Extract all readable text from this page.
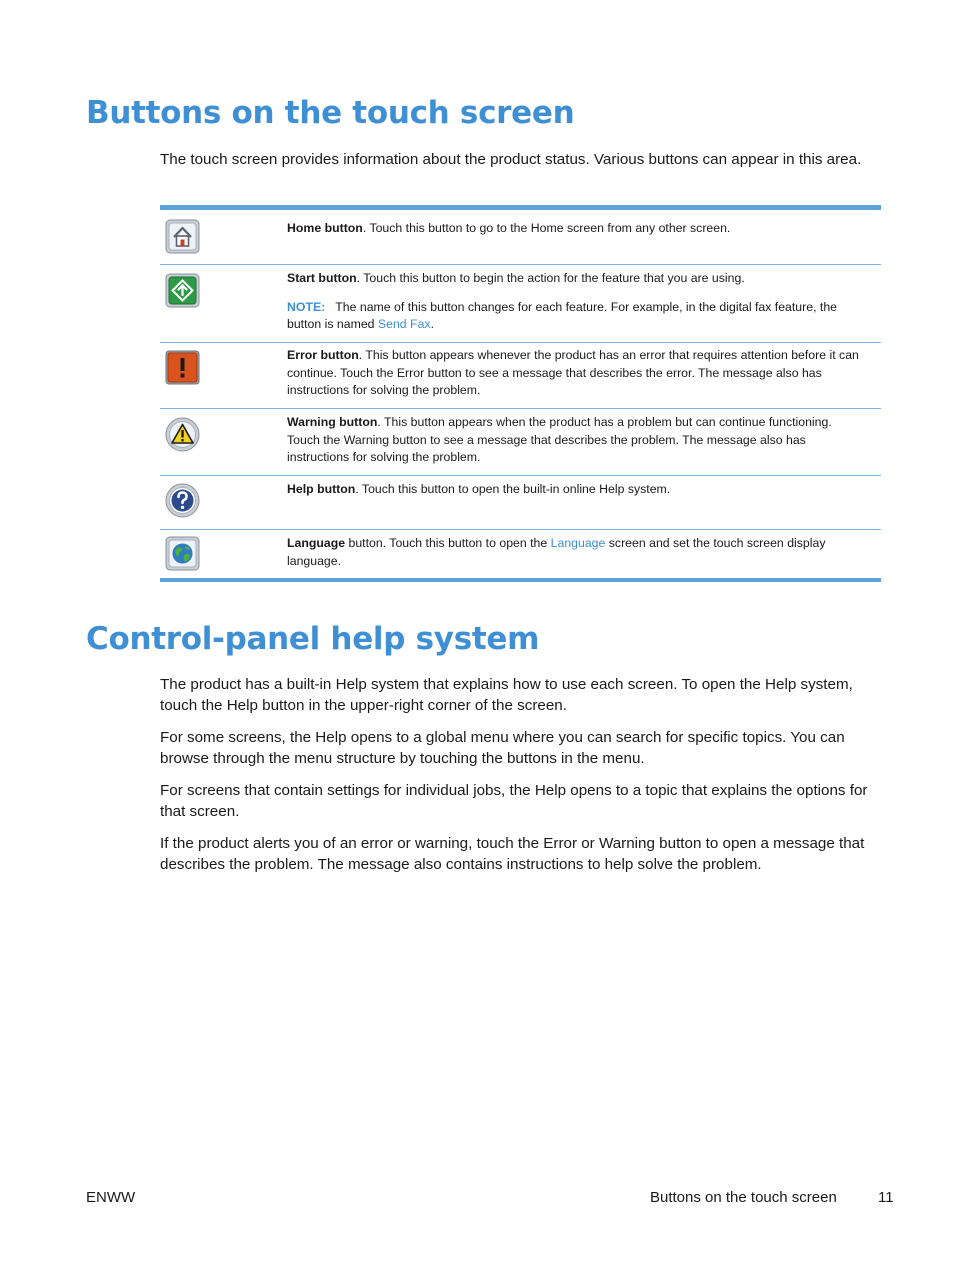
Buttons on the touch screen

The touch screen provides information about the product status. Various buttons can appear in this area.

Home button. Touch this button to go to the Home screen from any other screen.

Start button. Touch this button to begin the action for the feature that you are using.

NOTE: The name of this button changes for each feature. For example, in the digital fax feature, the button is named Send Fax.

Error button. This button appears whenever the product has an error that requires attention before it can continue. Touch the Error button to see a message that describes the error. The message also has instructions for solving the problem.
Warning button. This button appears when the product has a problem but can continue functioning. Touch the Warning button to see a message that describes the problem. The message also has instructions for solving the problem.
Help button. Touch this button to open the built-in online Help system.
Language button. Touch this button to open the Language screen and set the touch screen display language.
Control-panel help system

The product has a built-in Help system that explains how to use each screen. To open the Help system, touch the Help button in the upper-right corner of the screen.

For some screens, the Help opens to a global menu where you can search for specific topics. You can browse through the menu structure by touching the buttons in the menu.

For screens that contain settings for individual jobs, the Help opens to a topic that explains the options for that screen.

If the product alerts you of an error or warning, touch the Error or Warning button to open a message that describes the problem. The message also contains instructions to help solve the problem.

ENWW	Buttons on the touch screen	11
